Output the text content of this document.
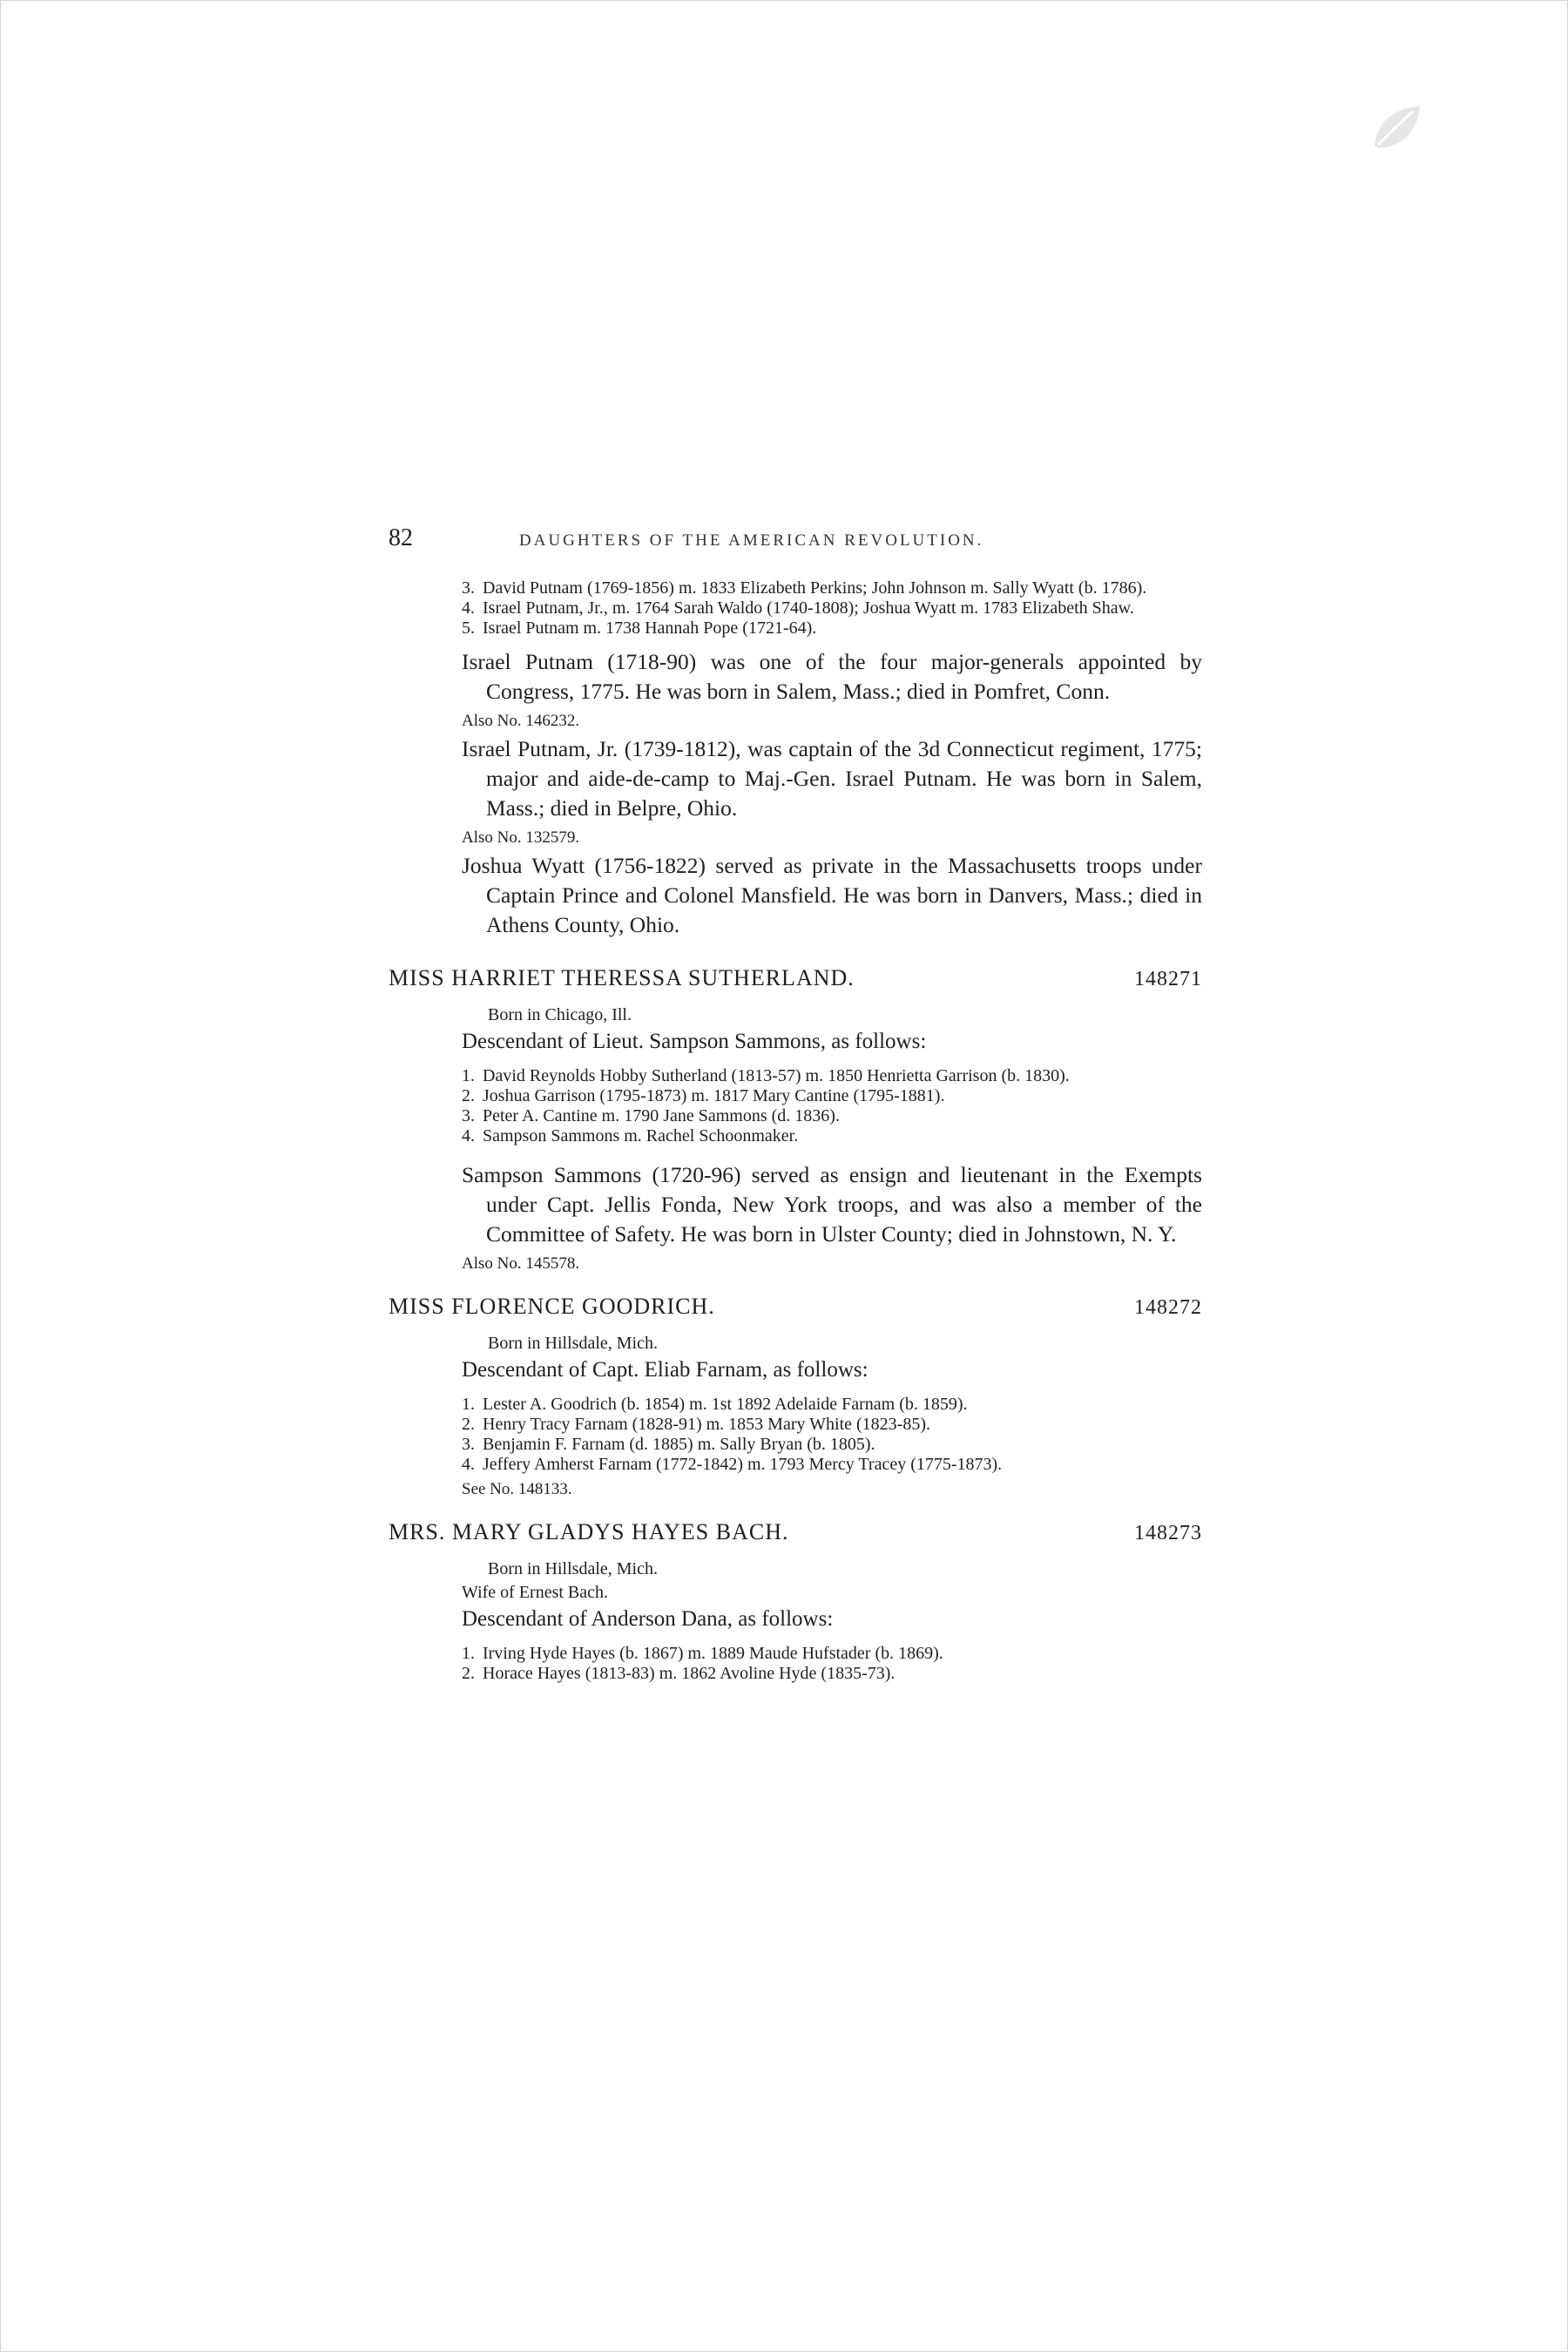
82	DAUGHTERS OF THE AMERICAN REVOLUTION.
3. David Putnam (1769-1856) m. 1833 Elizabeth Perkins; John Johnson m. Sally Wyatt (b. 1786).
4. Israel Putnam, Jr., m. 1764 Sarah Waldo (1740-1808); Joshua Wyatt m. 1783 Elizabeth Shaw.
5. Israel Putnam m. 1738 Hannah Pope (1721-64).

Israel Putnam (1718-90) was one of the four major-generals appointed by Congress, 1775. He was born in Salem, Mass.; died in Pomfret, Conn.

Also No. 146232.

Israel Putnam, Jr. (1739-1812), was captain of the 3d Connecticut regiment, 1775; major and aide-de-camp to Maj.-Gen. Israel Putnam. He was born in Salem, Mass.; died in Belpre, Ohio.

Also No. 132579.

Joshua Wyatt (1756-1822) served as private in the Massachusetts troops under Captain Prince and Colonel Mansfield. He was born in Danvers, Mass.; died in Athens County, Ohio.

MISS HARRIET THERESSA SUTHERLAND.	148271
Born in Chicago, Ill.
Descendant of Lieut. Sampson Sammons, as follows:
1. David Reynolds Hobby Sutherland (1813-57) m. 1850 Henrietta Garrison (b. 1830).
2. Joshua Garrison (1795-1873) m. 1817 Mary Cantine (1795-1881).
3. Peter A. Cantine m. 1790 Jane Sammons (d. 1836).
4. Sampson Sammons m. Rachel Schoonmaker.

Sampson Sammons (1720-96) served as ensign and lieutenant in the Exempts under Capt. Jellis Fonda, New York troops, and was also a member of the Committee of Safety. He was born in Ulster County; died in Johnstown, N. Y.

Also No. 145578.
MISS FLORENCE GOODRICH.	148272
Born in Hillsdale, Mich.
Descendant of Capt. Eliab Farnam, as follows:
1. Lester A. Goodrich (b. 1854) m. 1st 1892 Adelaide Farnam (b. 1859).
2. Henry Tracy Farnam (1828-91) m. 1853 Mary White (1823-85).
3. Benjamin F. Farnam (d. 1885) m. Sally Bryan (b. 1805).
4. Jeffery Amherst Farnam (1772-1842) m. 1793 Mercy Tracey (1775-1873).
See No. 148133.
MRS. MARY GLADYS HAYES BACH.	148273
Born in Hillsdale, Mich.
Wife of Ernest Bach.
Descendant of Anderson Dana, as follows:
1. Irving Hyde Hayes (b. 1867) m. 1889 Maude Hufstader (b. 1869).
2. Horace Hayes (1813-83) m. 1862 Avoline Hyde (1835-73).
